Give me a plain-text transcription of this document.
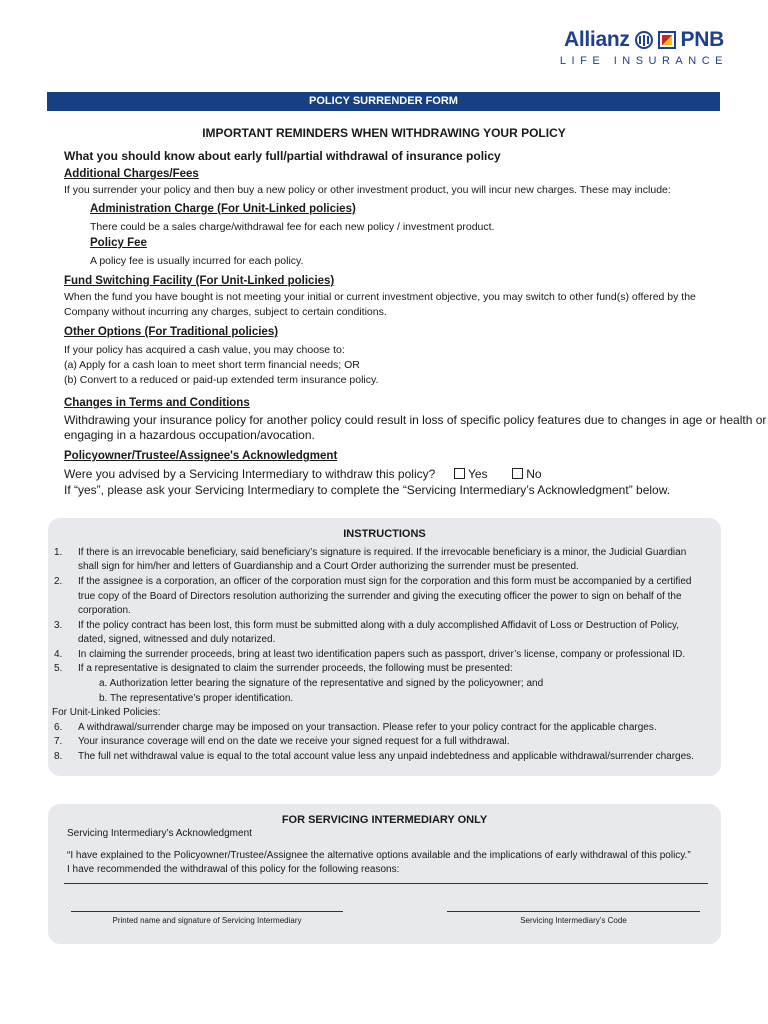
Allianz PNB
LIFE INSURANCE
POLICY SURRENDER FORM
IMPORTANT REMINDERS WHEN WITHDRAWING YOUR POLICY
What you should know about early full/partial withdrawal of insurance policy
Additional Charges/Fees
If you surrender your policy and then buy a new policy or other investment product, you will incur new charges. These may include:
Administration Charge (For Unit-Linked policies)
There could be a sales charge/withdrawal fee for each new policy / investment product.
Policy Fee
A policy fee is usually incurred for each policy.
Fund Switching Facility (For Unit-Linked policies)
When the fund you have bought is not meeting your initial or current investment objective, you may switch to other fund(s) offered by the
Company without incurring any charges, subject to certain conditions.
Other Options (For Traditional policies)
If your policy has acquired a cash value, you may choose to:
(a) Apply for a cash loan to meet short term financial needs; OR
(b) Convert to a reduced or paid-up extended term insurance policy.
Changes in Terms and Conditions
Withdrawing your insurance policy for another policy could result in loss of specific policy features due to changes in age or health or
engaging in a hazardous occupation/avocation.
Policyowner/Trustee/Assignee's Acknowledgment
Were you advised by a Servicing Intermediary to withdraw this policy?	Yes	No
If “yes”, please ask your Servicing Intermediary to complete the “Servicing Intermediary’s Acknowledgment” below.
INSTRUCTIONS
1.	If there is an irrevocable beneficiary, said beneficiary’s signature is required. If the irrevocable beneficiary is a minor, the Judicial Guardian
shall sign for him/her and letters of Guardianship and a Court Order authorizing the surrender must be presented.
2.	If the assignee is a corporation, an officer of the corporation must sign for the corporation and this form must be accompanied by a certified
true copy of the Board of Directors resolution authorizing the surrender and giving the executing officer the power to sign on behalf of the
corporation.
3.	If the policy contract has been lost, this form must be submitted along with a duly accomplished Affidavit of Loss or Destruction of Policy,
dated, signed, witnessed and duly notarized.
4.	In claiming the surrender proceeds, bring at least two identification papers such as passport, driver’s license, company or professional ID.
5.	If a representative is designated to claim the surrender proceeds, the following must be presented:
a. Authorization letter bearing the signature of the representative and signed by the policyowner; and
b. The representative’s proper identification.
For Unit-Linked Policies:
6.	A withdrawal/surrender charge may be imposed on your transaction. Please refer to your policy contract for the applicable charges.
7.	Your insurance coverage will end on the date we receive your signed request for a full withdrawal.
8.	The full net withdrawal value is equal to the total account value less any unpaid indebtedness and applicable withdrawal/surrender charges.
FOR SERVICING INTERMEDIARY ONLY
Servicing Intermediary’s Acknowledgment
“I have explained to the Policyowner/Trustee/Assignee the alternative options available and the implications of early withdrawal of this policy.”
I have recommended the withdrawal of this policy for the following reasons:
Printed name and signature of Servicing Intermediary	Servicing Intermediary’s Code
